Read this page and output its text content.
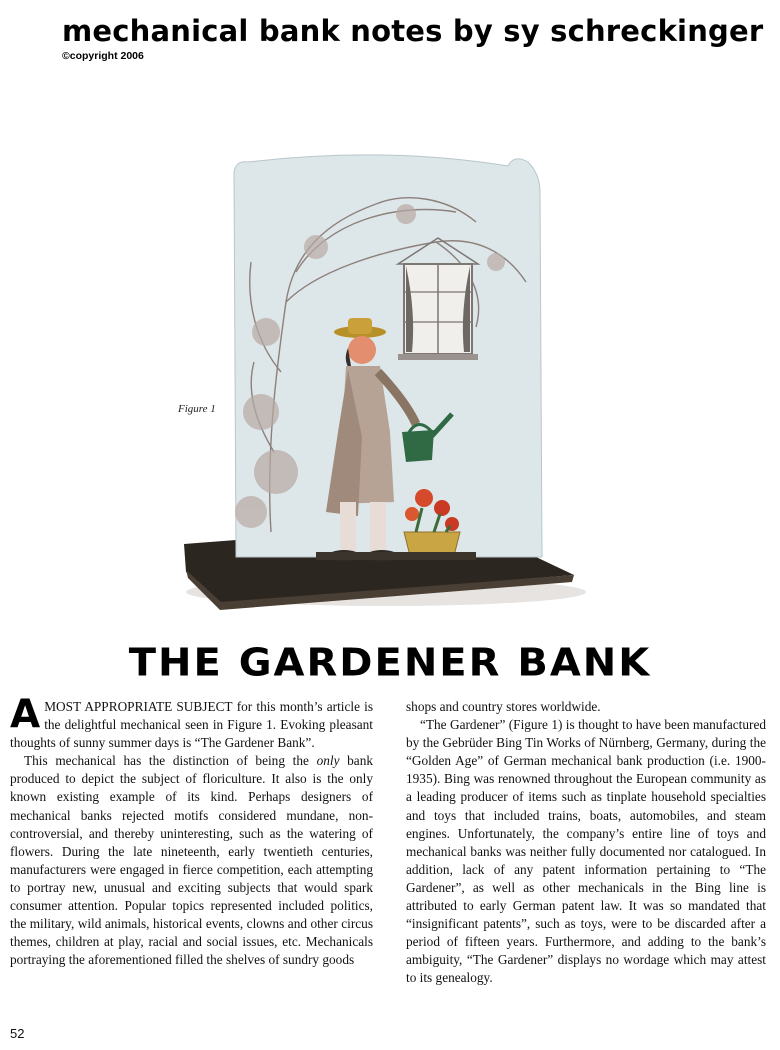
mechanical bank notes by sy schreckinger
©copyright 2006
Figure 1
THE GARDENER BANK

AMOST APPROPRIATE SUBJECT for this month’s article is the delightful mechanical seen in Figure 1. Evoking pleasant thoughts of sunny summer days is “The Gardener Bank”.

This mechanical has the distinction of being the only bank produced to depict the subject of floriculture. It also is the only known existing example of its kind. Perhaps designers of mechanical banks rejected motifs considered mundane, non-controversial, and thereby uninteresting, such as the watering of flowers. During the late nineteenth, early twentieth centuries, manufacturers were engaged in fierce competition, each attempting to portray new, unusual and exciting subjects that would spark consumer attention. Popular topics represented included politics, the military, wild animals, historical events, clowns and other circus themes, children at play, racial and social issues, etc. Mechanicals portraying the aforementioned filled the shelves of sundry goods

shops and country stores worldwide.

“The Gardener” (Figure 1) is thought to have been manufactured by the Gebrüder Bing Tin Works of Nürnberg, Germany, during the “Golden Age” of German mechanical bank production (i.e. 1900-1935). Bing was renowned throughout the European community as a leading producer of items such as tinplate household specialties and toys that included trains, boats, automobiles, and steam engines. Unfortunately, the company’s entire line of toys and mechanical banks was neither fully documented nor catalogued. In addition, lack of any patent information pertaining to “The Gardener”, as well as other mechanicals in the Bing line is attributed to early German patent law. It was so mandated that “insignificant patents”, such as toys, were to be discarded after a period of fifteen years. Furthermore, and adding to the bank’s ambiguity, “The Gardener” displays no wordage which may attest to its genealogy.

52
